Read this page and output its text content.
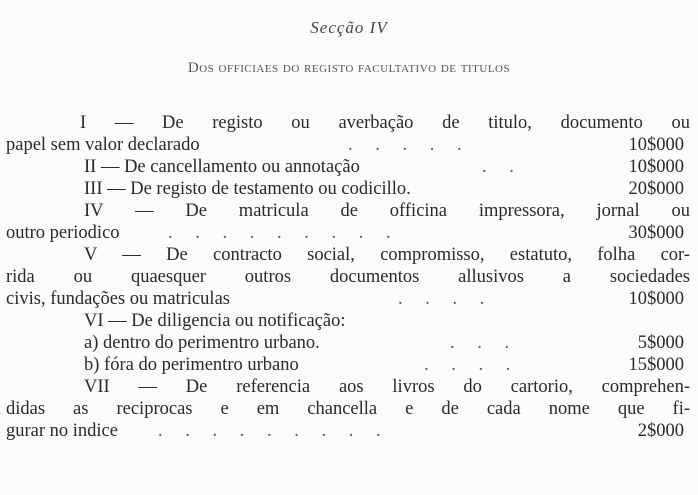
Secção IV
Dos officiaes do registo facultativo de titulos
I — De registo ou averbação de titulo, documento ou
papel sem valor declarado	. . . . .	10$000
II — De cancellamento ou annotação	. .	10$000
III — De registo de testamento ou codicillo.	20$000
IV — De matricula de officina impressora, jornal ou
outro periodico	. . . . . . . . .	30$000
V — De contracto social, compromisso, estatuto, folha cor-
rida ou quaesquer outros documentos allusivos a sociedades
civis, fundações ou matriculas	. . . .	10$000
VI — De diligencia ou notificação:
a) dentro do perimentro urbano.	. . .	5$000
b) fóra do perimentro urbano	. . . .	15$000
VII — De referencia aos livros do cartorio, comprehen-
didas as reciprocas e em chancella e de cada nome que fi-
gurar no indice . . . . . . . . .	2$000
